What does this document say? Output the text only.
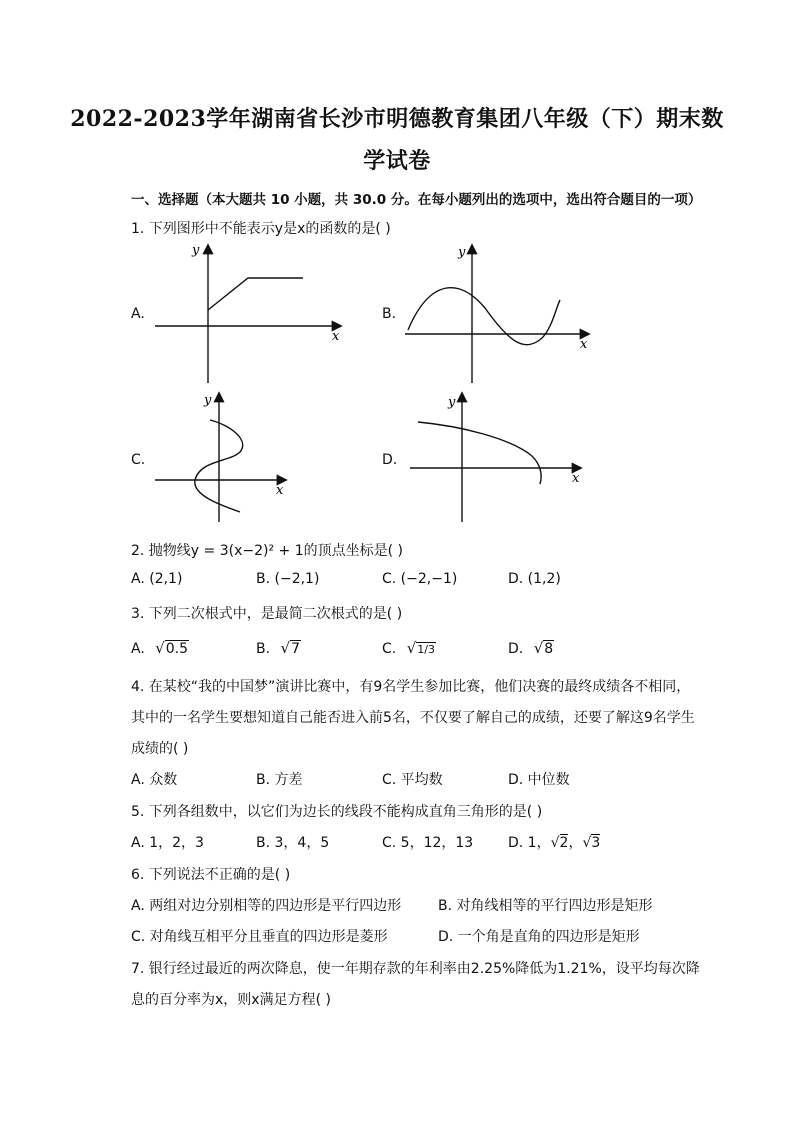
2022-2023学年湖南省长沙市明德教育集团八年级（下）期末数
学试卷
一、选择题（本大题共 10 小题，共 30.0 分。在每小题列出的选项中，选出符合题目的一项）
1. 下列图形中不能表示y是x的函数的是( )
A.	B.
C.	D.
y
x
y
x
y
x
y
x
2. 抛物线y = 3(x−2)² + 1的顶点坐标是( )
A. (2,1)	B. (−2,1)	C. (−2,−1)	D. (1,2)
3. 下列二次根式中，是最简二次根式的是( )
A. √0.5	B. √7	C. √1/3	D. √8
4. 在某校“我的中国梦”演讲比赛中，有9名学生参加比赛，他们决赛的最终成绩各不相同，
其中的一名学生要想知道自己能否进入前5名，不仅要了解自己的成绩，还要了解这9名学生
成绩的( )
A. 众数	B. 方差	C. 平均数	D. 中位数
5. 下列各组数中，以它们为边长的线段不能构成直角三角形的是( )
A. 1，2，3	B. 3，4，5	C. 5，12，13 D. 1，√2，√3
6. 下列说法不正确的是( )
A. 两组对边分别相等的四边形是平行四边形	B. 对角线相等的平行四边形是矩形
C. 对角线互相平分且垂直的四边形是菱形	D. 一个角是直角的四边形是矩形
7. 银行经过最近的两次降息，使一年期存款的年利率由2.25%降低为1.21%，设平均每次降
息的百分率为x，则x满足方程( )
